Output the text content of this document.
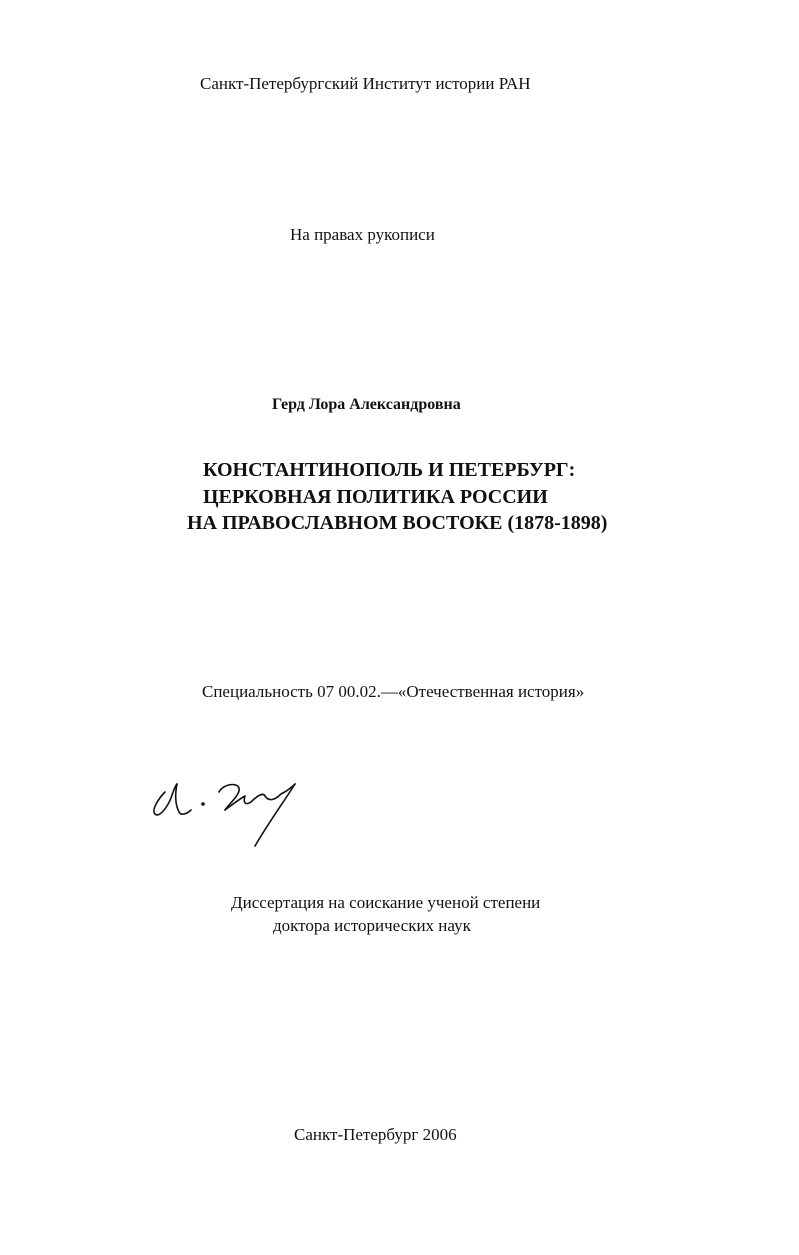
Санкт-Петербургский Институт истории РАН
На правах рукописи
Герд Лора Александровна
КОНСТАНТИНОПОЛЬ И ПЕТЕРБУРГ:
ЦЕРКОВНАЯ ПОЛИТИКА РОССИИ
НА ПРАВОСЛАВНОМ ВОСТОКЕ (1878-1898)
Специальность 07 00.02.—«Отечественная история»
Диссертация на соискание ученой степени
доктора исторических наук
Санкт-Петербург 2006
